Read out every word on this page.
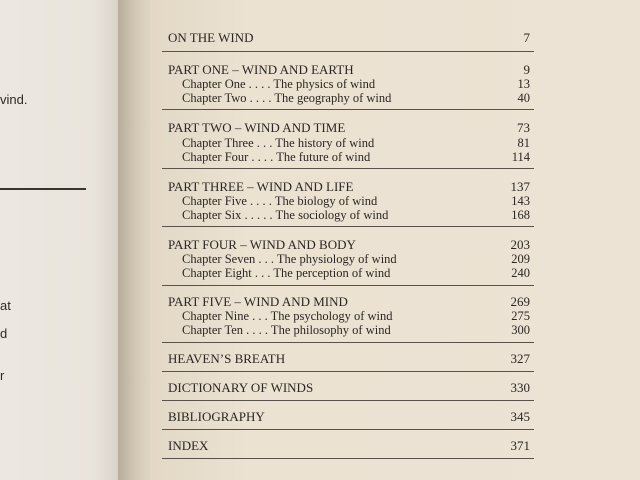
vind.
at
d
r
ON THE WIND	7
PART ONE – WIND AND EARTH	9
Chapter One . . . . The physics of wind	13
Chapter Two . . . . The geography of wind	40
PART TWO – WIND AND TIME	73
Chapter Three . . . The history of wind	81
Chapter Four . . . . The future of wind	114
PART THREE – WIND AND LIFE	137
Chapter Five . . . . The biology of wind	143
Chapter Six . . . . . The sociology of wind	168
PART FOUR – WIND AND BODY	203
Chapter Seven . . . The physiology of wind	209
Chapter Eight . . . The perception of wind	240
PART FIVE – WIND AND MIND	269
Chapter Nine . . . The psychology of wind	275
Chapter Ten . . . . The philosophy of wind	300
HEAVEN’S BREATH	327
DICTIONARY OF WINDS	330
BIBLIOGRAPHY	345
INDEX	371
